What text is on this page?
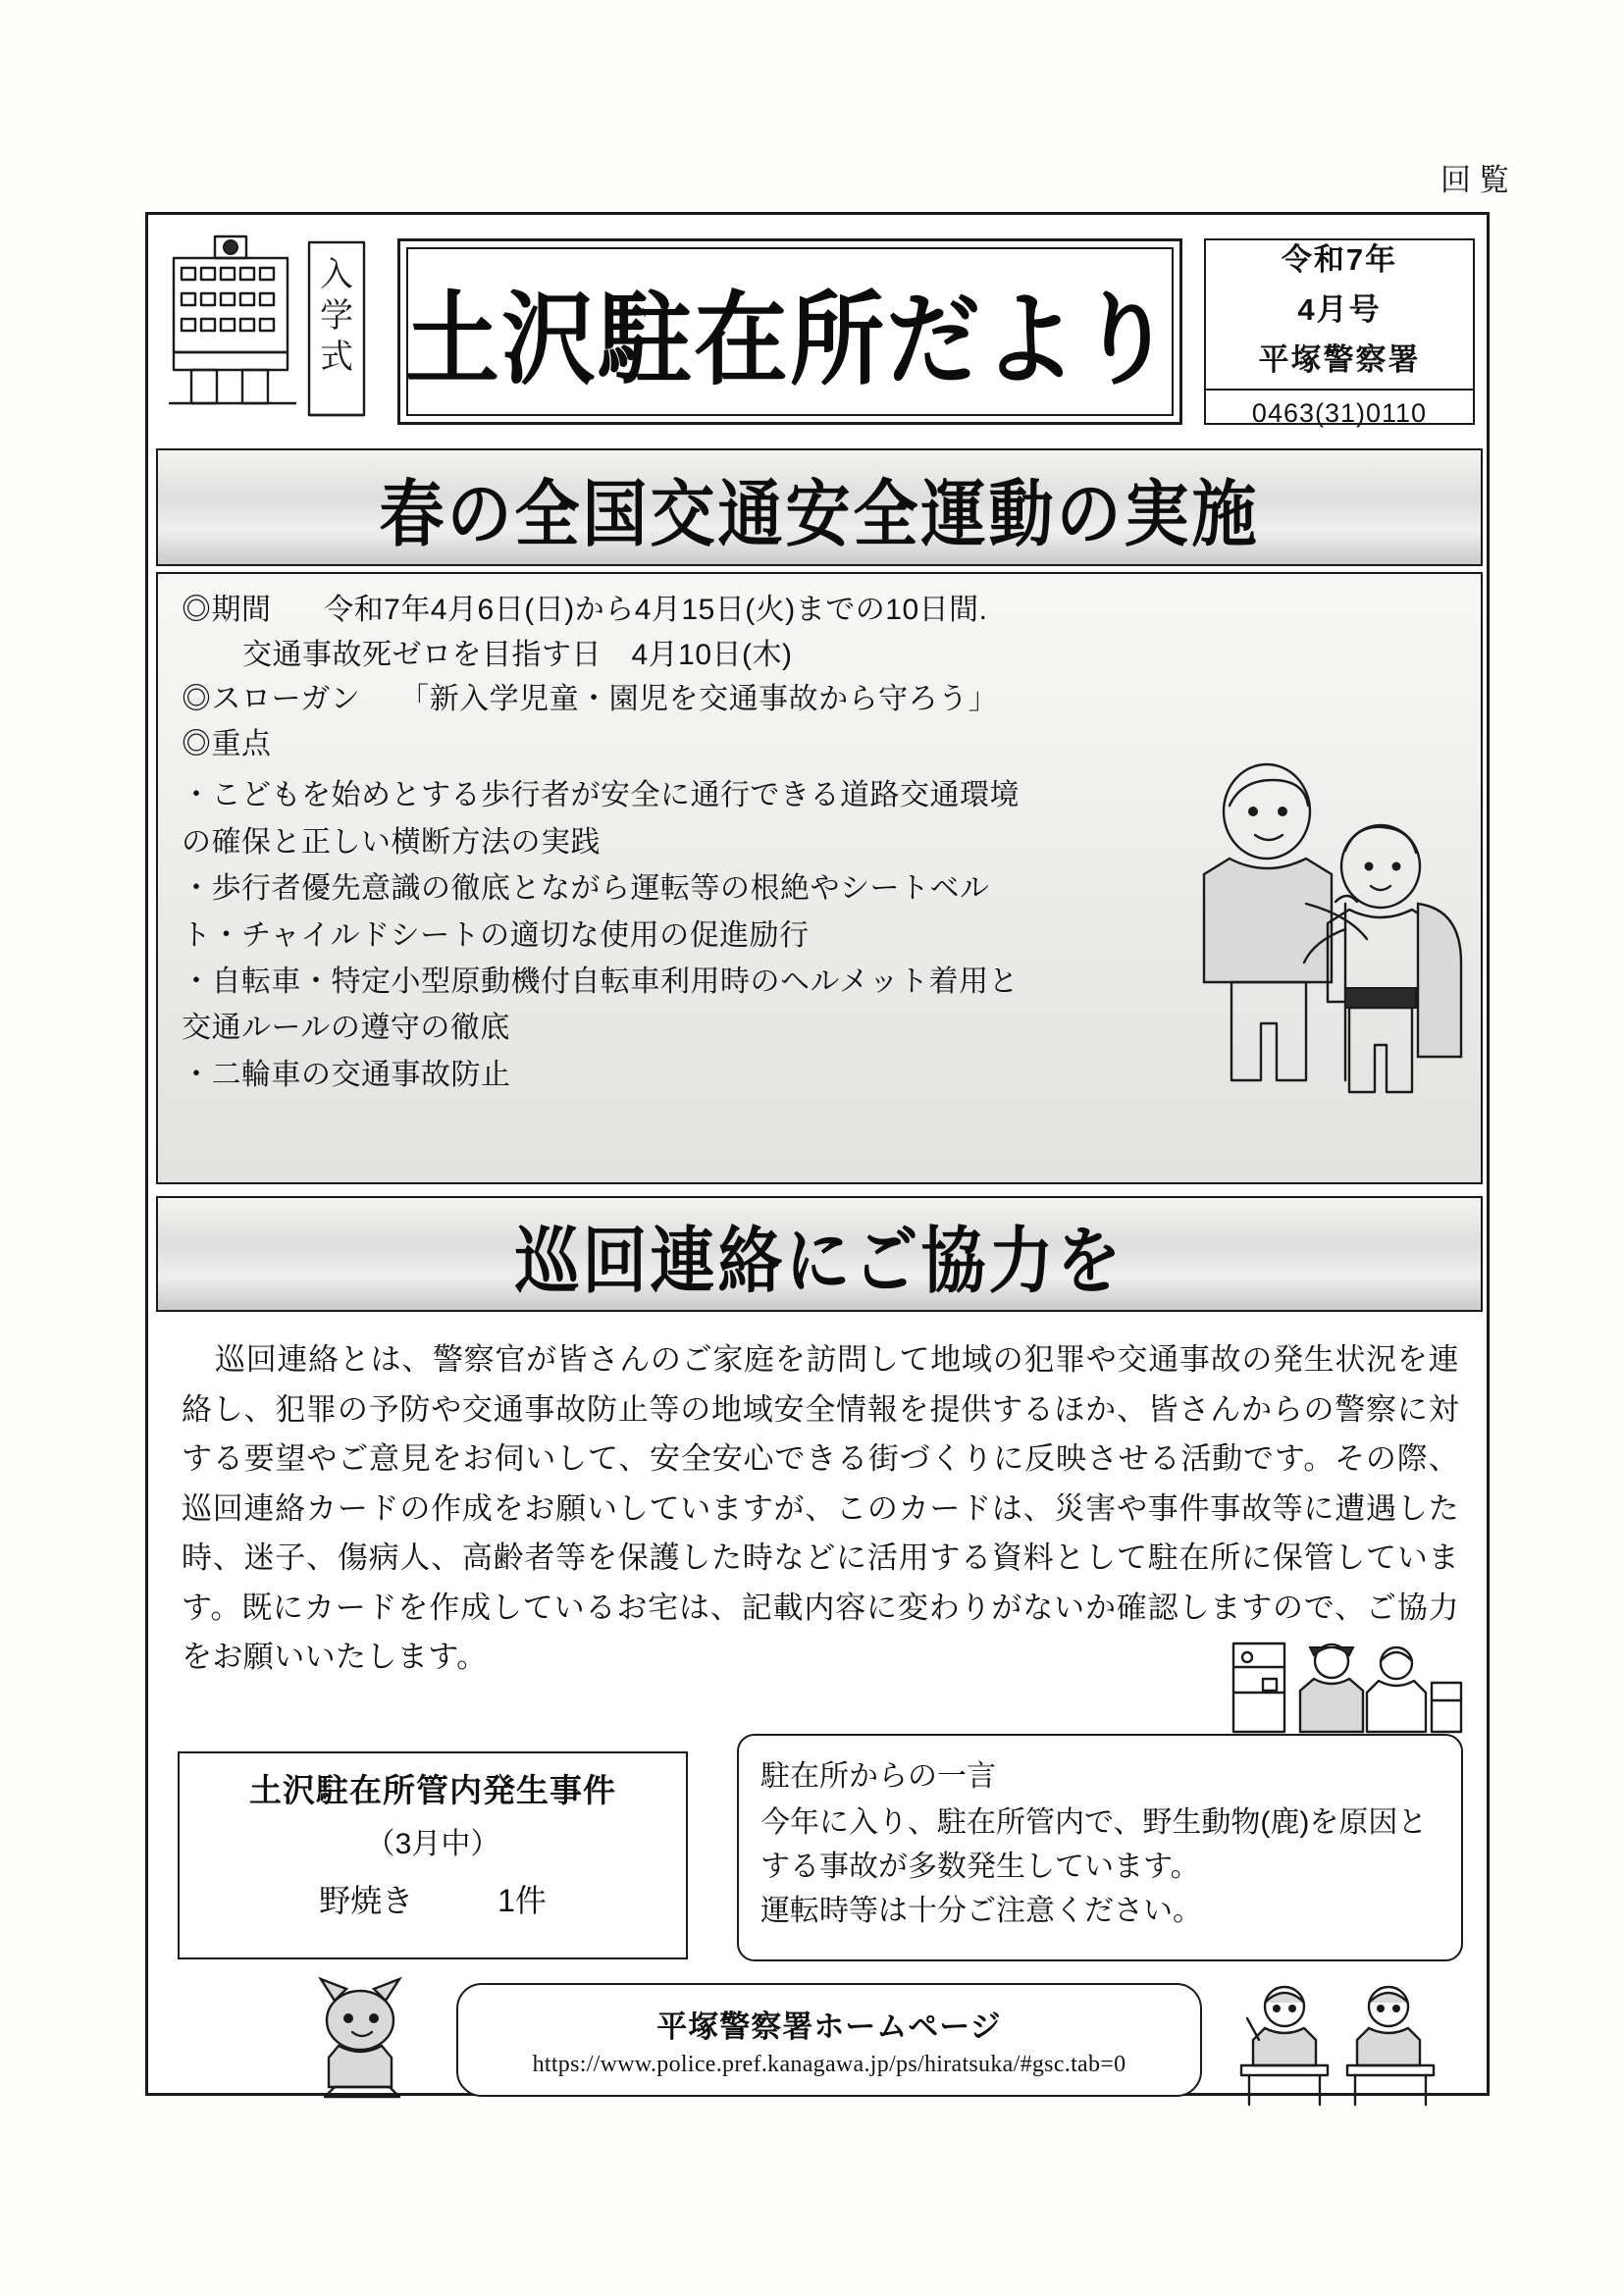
回覧
入
学
式 土沢駐在所だより
令和7年
4月号
平塚警察署
0463(31)0110
春の全国交通安全運動の実施
◎期間 令和7年4月6日(日)から4月15日(火)までの10日間.
交通事故死ゼロを目指す日　4月10日(木)
◎スローガン 「新入学児童・園児を交通事故から守ろう」
◎重点
・こどもを始めとする歩行者が安全に通行できる道路交通環境の確保と正しい横断方法の実践
・歩行者優先意識の徹底とながら運転等の根絶やシートベルト・チャイルドシートの適切な使用の促進励行
・自転車・特定小型原動機付自転車利用時のヘルメット着用と交通ルールの遵守の徹底
・二輪車の交通事故防止
巡回連絡にご協力を

巡回連絡とは、警察官が皆さんのご家庭を訪問して地域の犯罪や交通事故の発生状況を連絡し、犯罪の予防や交通事故防止等の地域安全情報を提供するほか、皆さんからの警察に対する要望やご意見をお伺いして、安全安心できる街づくりに反映させる活動です。その際、巡回連絡カードの作成をお願いしていますが、このカードは、災害や事件事故等に遭遇した時、迷子、傷病人、高齢者等を保護した時などに活用する資料として駐在所に保管しています。既にカードを作成しているお宅は、記載内容に変わりがないか確認しますので、ご協力をお願いいたします。

土沢駐在所管内発生事件
（3月中）
野焼き	1件
駐在所からの一言
今年に入り、駐在所管内で、野生動物(鹿)を原因とする事故が多数発生しています。
運転時等は十分ご注意ください。
平塚警察署ホームページ
https://www.police.pref.kanagawa.jp/ps/hiratsuka/#gsc.tab=0
